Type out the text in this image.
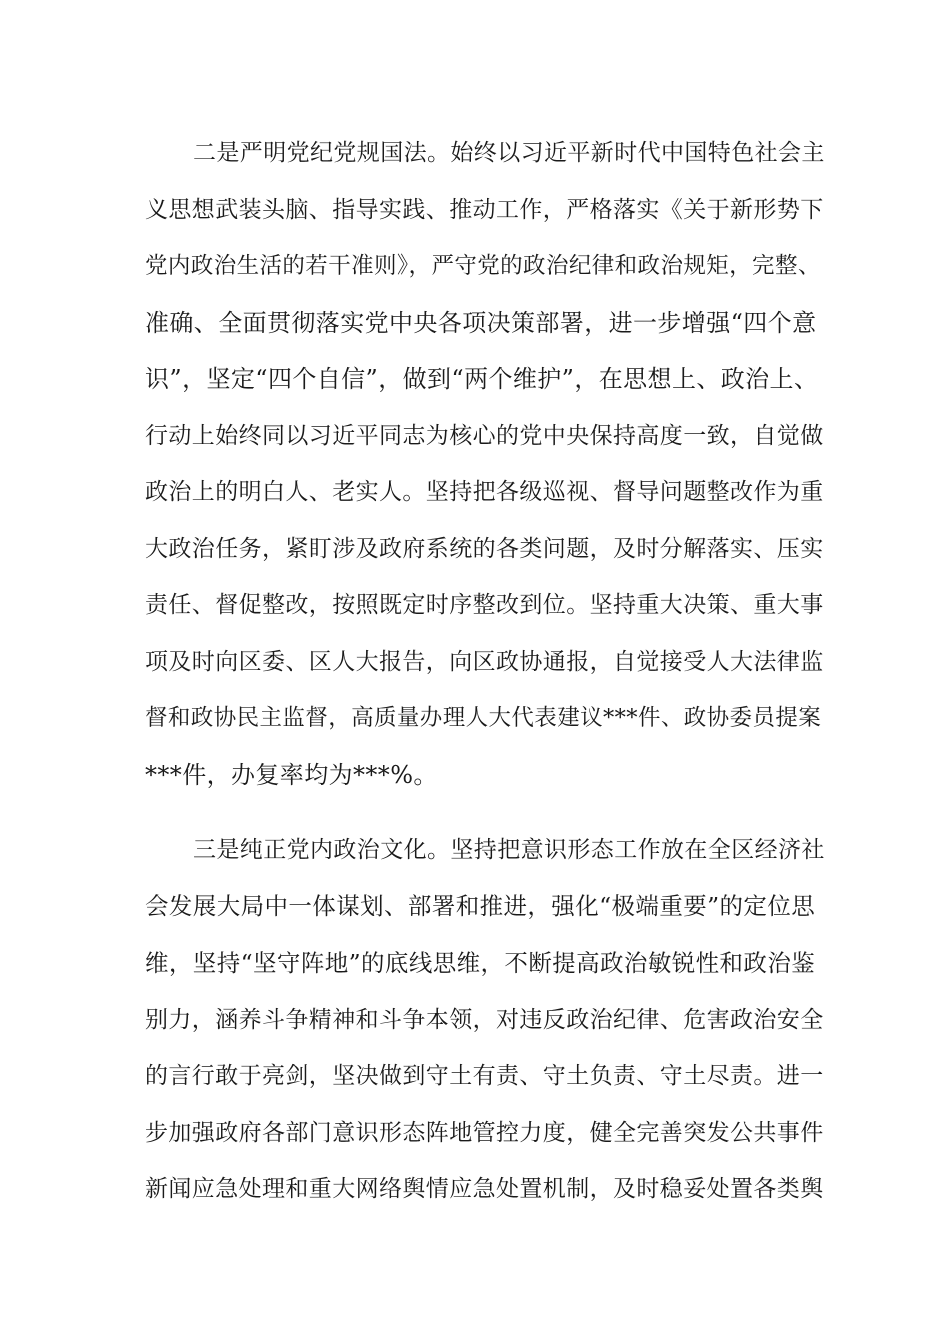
二是严明党纪党规国法。始终以习近平新时代中国特色社会主
义思想武装头脑、指导实践、推动工作，严格落实《关于新形势下
党内政治生活的若干准则》，严守党的政治纪律和政治规矩，完整、
准确、全面贯彻落实党中央各项决策部署，进一步增强“四个意
识”，坚定“四个自信”，做到“两个维护”，在思想上、政治上、
行动上始终同以习近平同志为核心的党中央保持高度一致，自觉做
政治上的明白人、老实人。坚持把各级巡视、督导问题整改作为重
大政治任务，紧盯涉及政府系统的各类问题，及时分解落实、压实
责任、督促整改，按照既定时序整改到位。坚持重大决策、重大事
项及时向区委、区人大报告，向区政协通报，自觉接受人大法律监
督和政协民主监督，高质量办理人大代表建议***件、政协委员提案
***件，办复率均为***%。
三是纯正党内政治文化。坚持把意识形态工作放在全区经济社
会发展大局中一体谋划、部署和推进，强化“极端重要”的定位思
维，坚持“坚守阵地”的底线思维，不断提高政治敏锐性和政治鉴
别力，涵养斗争精神和斗争本领，对违反政治纪律、危害政治安全
的言行敢于亮剑，坚决做到守土有责、守土负责、守土尽责。进一
步加强政府各部门意识形态阵地管控力度，健全完善突发公共事件
新闻应急处理和重大网络舆情应急处置机制，及时稳妥处置各类舆
